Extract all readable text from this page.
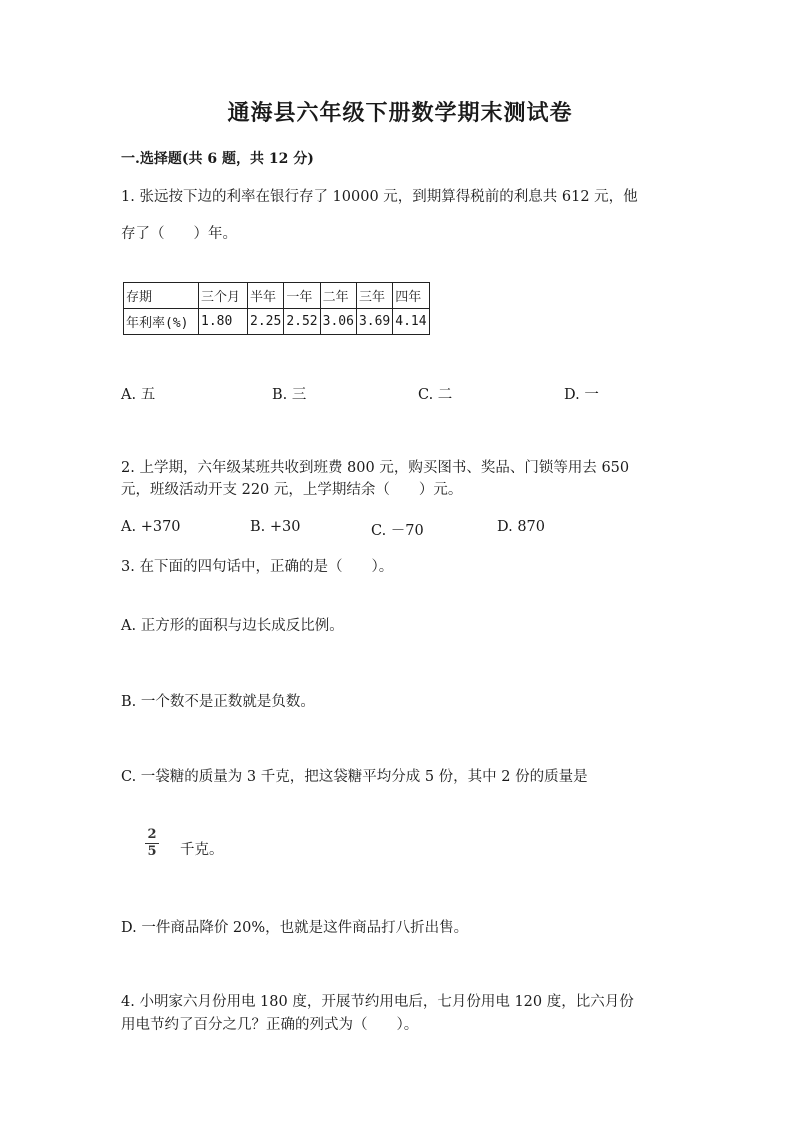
通海县六年级下册数学期末测试卷
一.选择题(共 6 题，共 12 分)
1. 张远按下边的利率在银行存了 10000 元，到期算得税前的利息共 612 元，他
存了（　　）年。
存期	三个月	半年	一年	二年	三年	四年
年利率(%)	1.80	2.25	2.52	3.06	3.69	4.14
A. 五	B. 三	C. 二	D. 一
2. 上学期，六年级某班共收到班费 800 元，购买图书、奖品、门锁等用去 650
元，班级活动开支 220 元，上学期结余（　　）元。
A. +370	B. +30	C. －70	D. 870
3. 在下面的四句话中，正确的是（　　）。
A. 正方形的面积与边长成反比例。
B. 一个数不是正数就是负数。
C. 一袋糖的质量为 3 千克，把这袋糖平均分成 5 份，其中 2 份的质量是
2
5 千克。
D. 一件商品降价 20%，也就是这件商品打八折出售。
4. 小明家六月份用电 180 度，开展节约用电后，七月份用电 120 度，比六月份
用电节约了百分之几？正确的列式为（　　）。
